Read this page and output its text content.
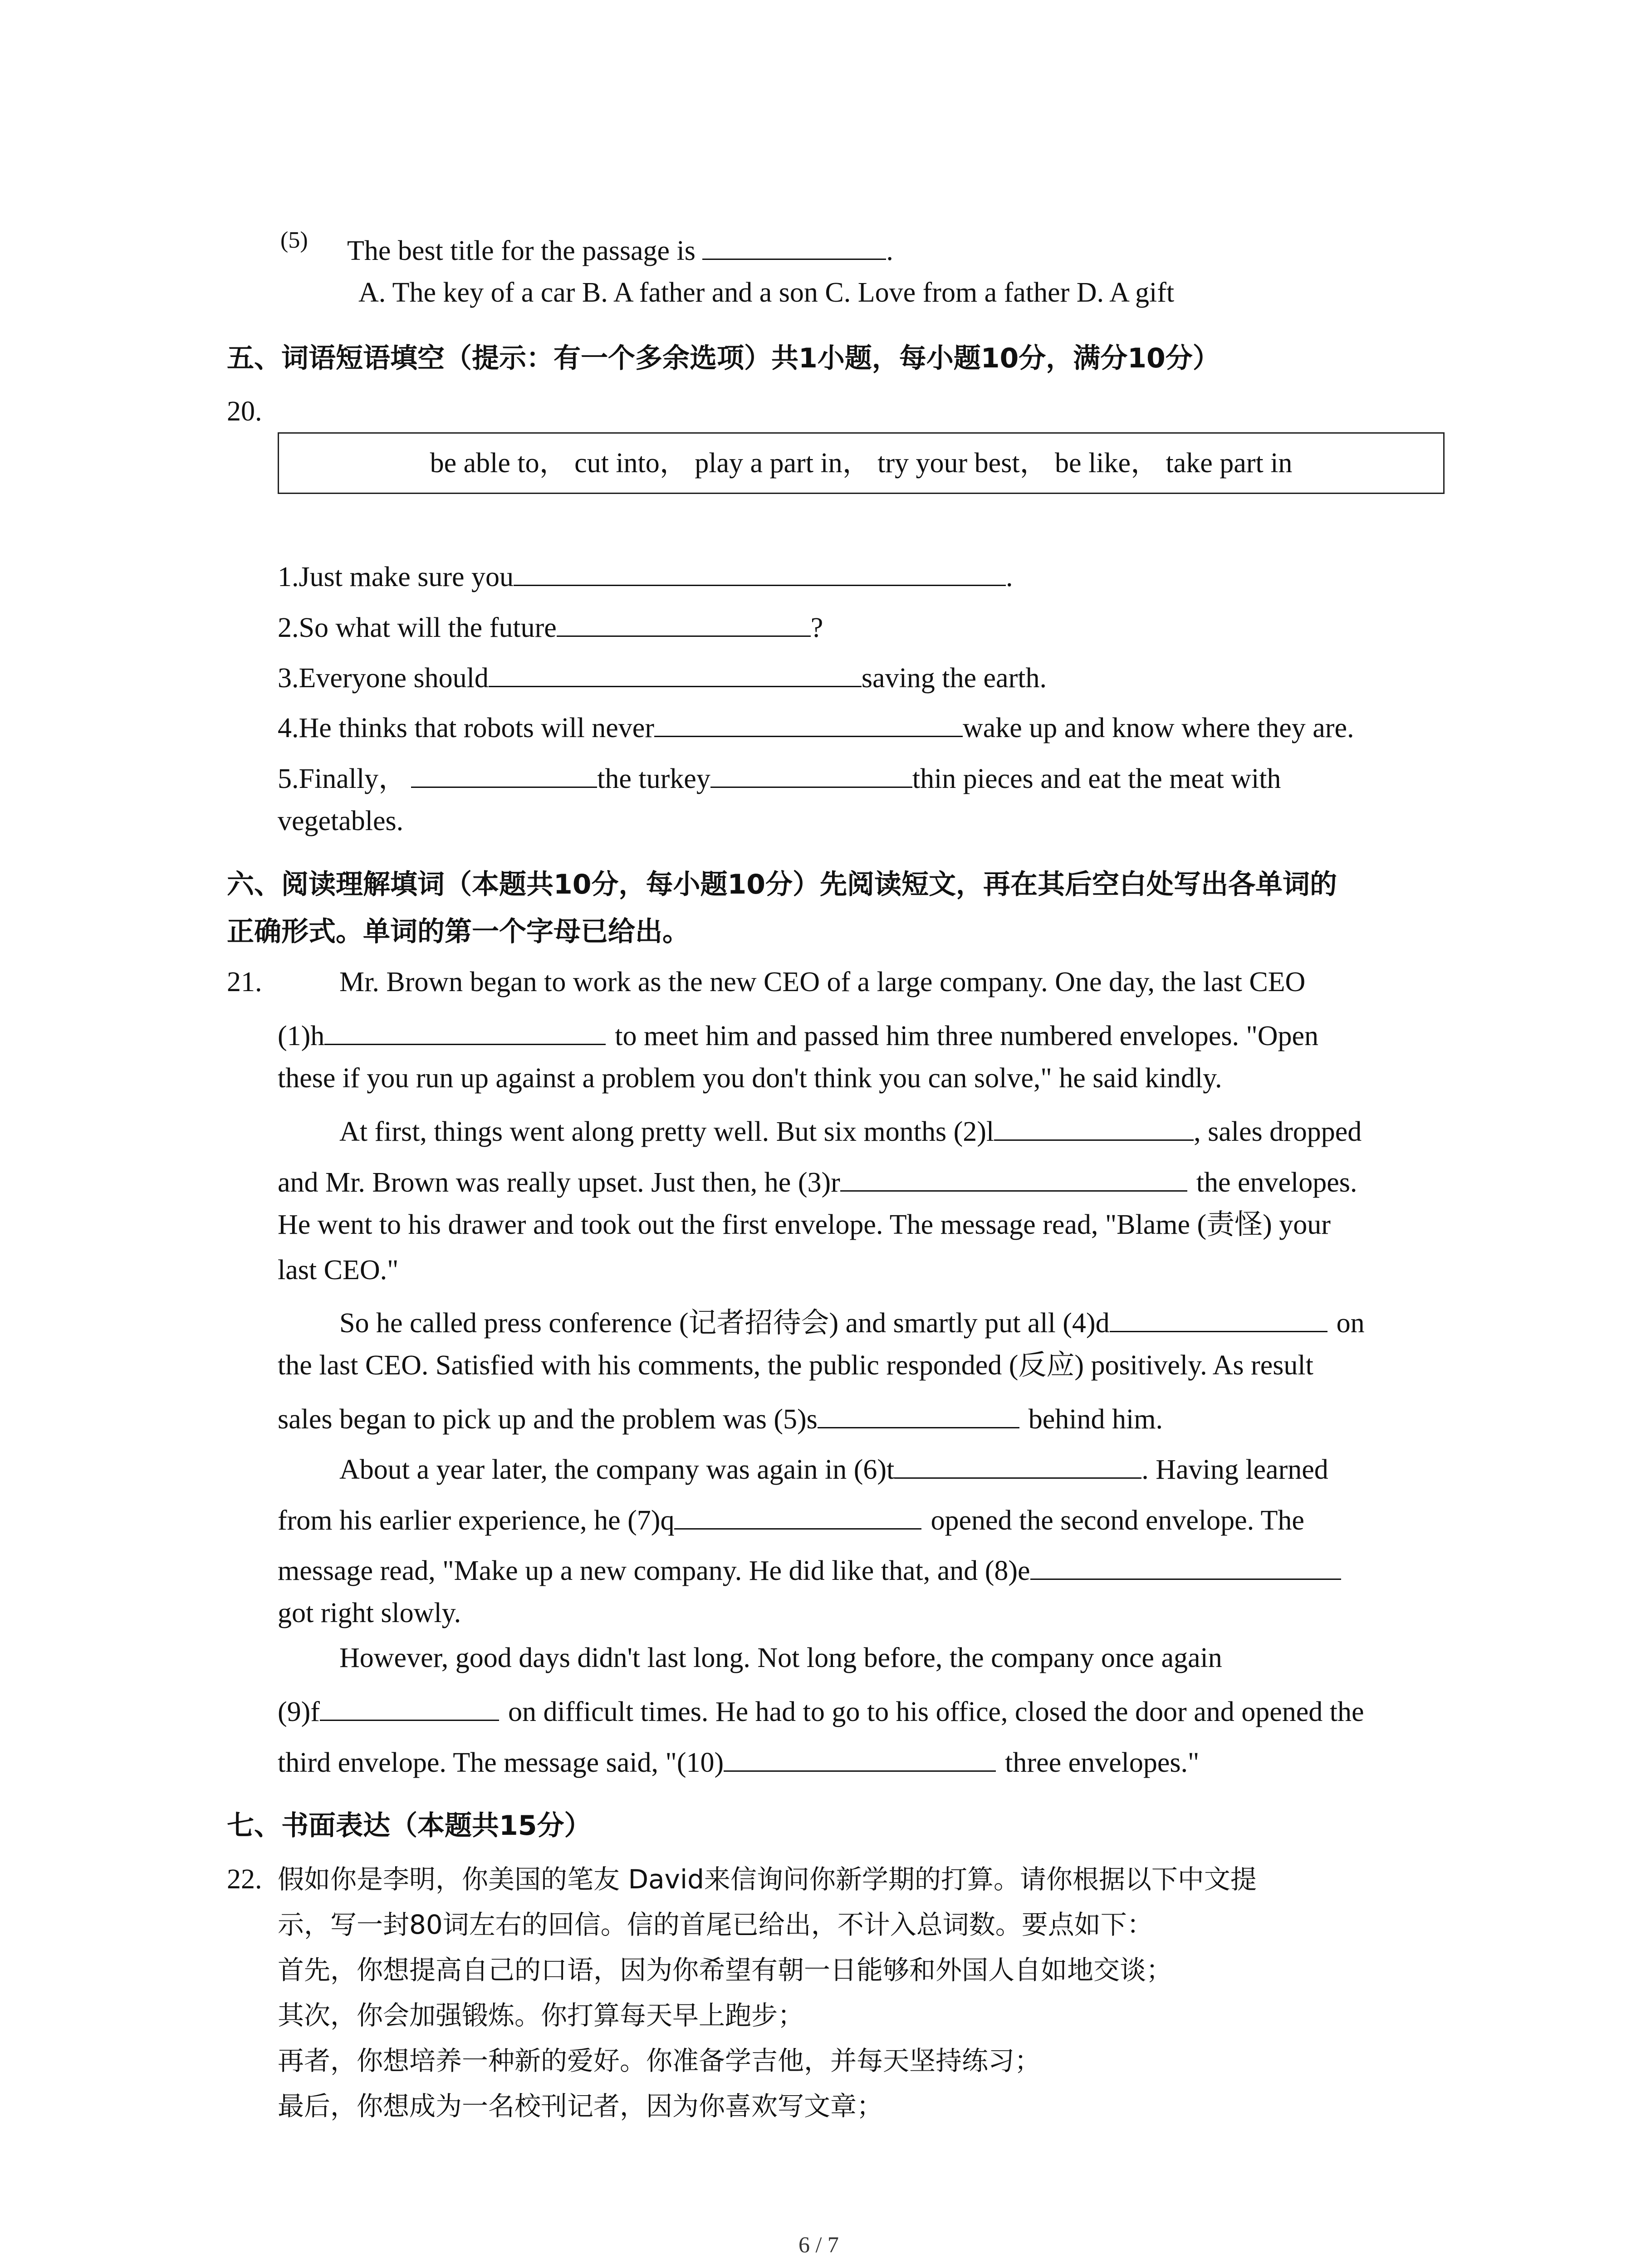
(5) The best title for the passage is	.
A. The key of a car B. A father and a son C. Love from a father D. A gift
五、词语短语填空（提示：有一个多余选项）共1小题，每小题10分，满分10分）
20.
be able to， cut into， play a part in， try your best， be like， take part in
1.Just make sure you	.
2.So what will the future	?
3.Everyone should	saving the earth.
4.He thinks that robots will never	wake up and know where they are.
5.Finally，	the turkey	thin pieces and eat the meat with
vegetables.
六、阅读理解填词（本题共10分，每小题10分）先阅读短文，再在其后空白处写出各单词的
正确形式。单词的第一个字母已给出。
21.	Mr. Brown began to work as the new CEO of a large company. One day, the last CEO
(1)h	to meet him and passed him three numbered envelopes. "Open
these if you run up against a problem you don't think you can solve," he said kindly.
At first, things went along pretty well. But six months (2)l	, sales dropped
and Mr. Brown was really upset. Just then, he (3)r	the envelopes.
He went to his drawer and took out the first envelope. The message read, "Blame (责怪) your
last CEO."
So he called press conference (记者招待会) and smartly put all (4)d	on
the last CEO. Satisfied with his comments, the public responded (反应) positively. As result
sales began to pick up and the problem was (5)s	behind him.
About a year later, the company was again in (6)t	. Having learned
from his earlier experience, he (7)q	opened the second envelope. The
message read, "Make up a new company. He did like that, and (8)e
got right slowly.
However, good days didn't last long. Not long before, the company once again
(9)f	on difficult times. He had to go to his office, closed the door and opened the
third envelope. The message said, "(10)	three envelopes."
七、书面表达（本题共15分）
22. 假如你是李明，你美国的笔友 David来信询问你新学期的打算。请你根据以下中文提
示，写一封80词左右的回信。信的首尾已给出，不计入总词数。要点如下：
首先，你想提高自己的口语，因为你希望有朝一日能够和外国人自如地交谈；
其次，你会加强锻炼。你打算每天早上跑步；
再者，你想培养一种新的爱好。你准备学吉他，并每天坚持练习；
最后，你想成为一名校刊记者，因为你喜欢写文章；
6 / 7
